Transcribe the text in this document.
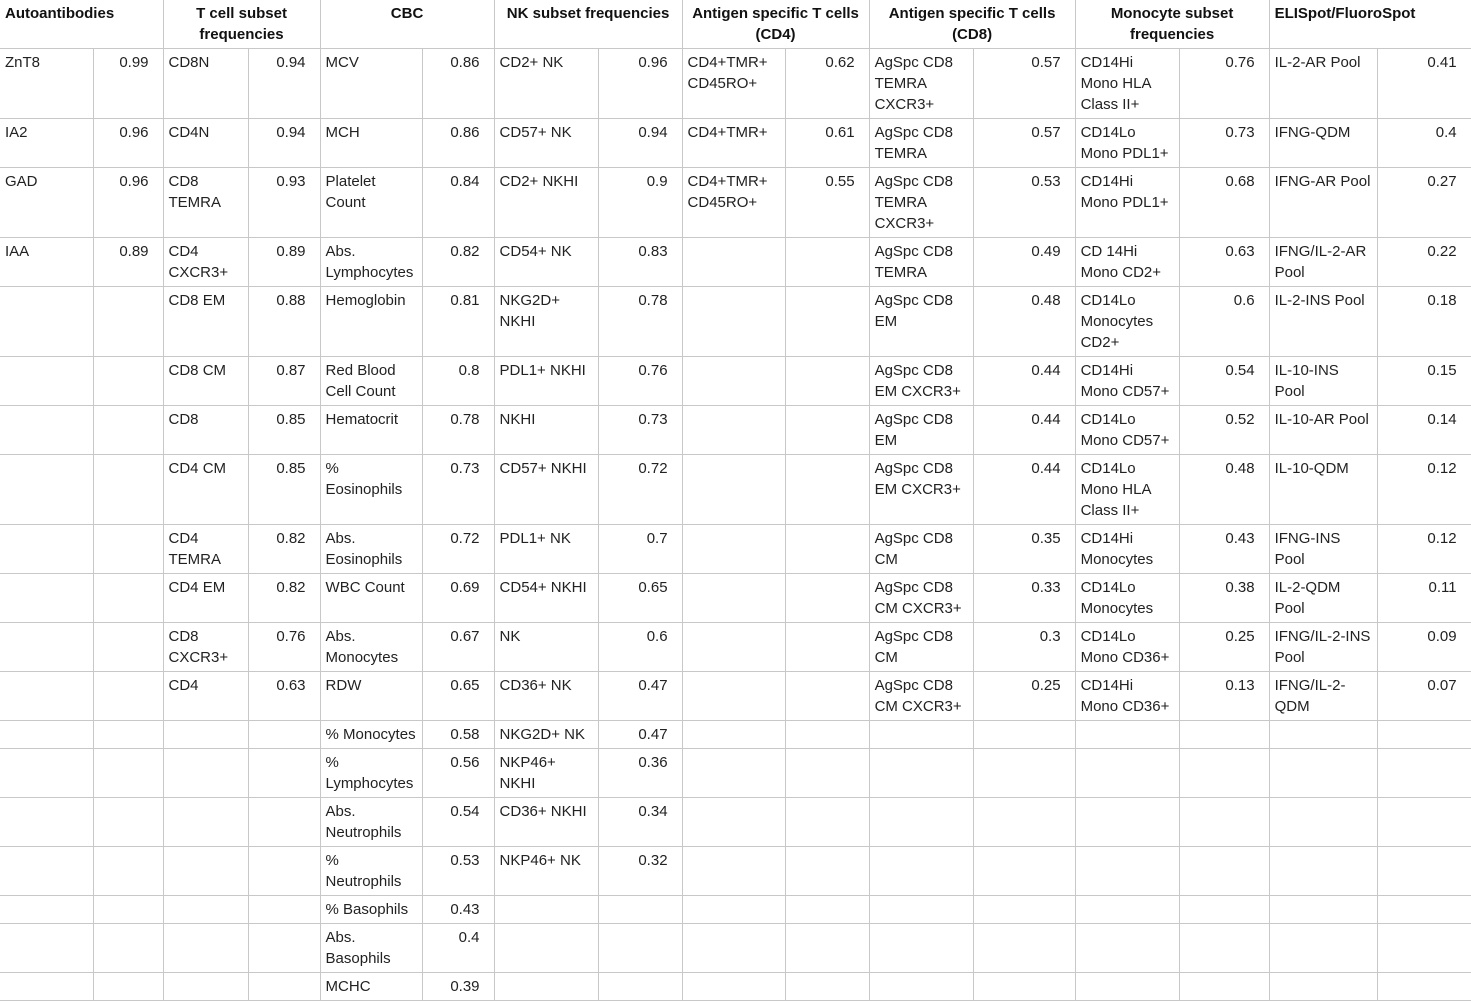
Autoantibodies		T cell subset frequencies		CBC		NK subset frequencies		Antigen specific T cells (CD4)		Antigen specific T cells (CD8)		Monocyte subset frequencies		ELISpot/FluoroSpot	
ZnT8	0.99	CD8N	0.94	MCV	0.86	CD2+ NK	0.96	CD4+TMR+ CD45RO+	0.62	AgSpc CD8 TEMRA CXCR3+	0.57	CD14Hi Mono HLA Class II+	0.76	IL-2-AR Pool	0.41
IA2	0.96	CD4N	0.94	MCH	0.86	CD57+ NK	0.94	CD4+TMR+	0.61	AgSpc CD8 TEMRA	0.57	CD14Lo Mono PDL1+	0.73	IFNG-QDM	0.4
GAD	0.96	CD8 TEMRA	0.93	Platelet Count	0.84	CD2+ NKHI	0.9	CD4+TMR+ CD45RO+	0.55	AgSpc CD8 TEMRA CXCR3+	0.53	CD14Hi Mono PDL1+	0.68	IFNG-AR Pool	0.27
IAA	0.89	CD4 CXCR3+	0.89	Abs. Lymphocytes	0.82	CD54+ NK	0.83			AgSpc CD8 TEMRA	0.49	CD 14Hi Mono CD2+	0.63	IFNG/IL-2-AR Pool	0.22
		CD8 EM	0.88	Hemoglobin	0.81	NKG2D+ NKHI	0.78			AgSpc CD8 EM	0.48	CD14Lo Monocytes CD2+	0.6	IL-2-INS Pool	0.18
		CD8 CM	0.87	Red Blood Cell Count	0.8	PDL1+ NKHI	0.76			AgSpc CD8 EM CXCR3+	0.44	CD14Hi Mono CD57+	0.54	IL-10-INS Pool	0.15
		CD8	0.85	Hematocrit	0.78	NKHI	0.73			AgSpc CD8 EM	0.44	CD14Lo Mono CD57+	0.52	IL-10-AR Pool	0.14
		CD4 CM	0.85	% Eosinophils	0.73	CD57+ NKHI	0.72			AgSpc CD8 EM CXCR3+	0.44	CD14Lo Mono HLA Class II+	0.48	IL-10-QDM	0.12
		CD4 TEMRA	0.82	Abs. Eosinophils	0.72	PDL1+ NK	0.7			AgSpc CD8 CM	0.35	CD14Hi Monocytes	0.43	IFNG-INS Pool	0.12
		CD4 EM	0.82	WBC Count	0.69	CD54+ NKHI	0.65			AgSpc CD8 CM CXCR3+	0.33	CD14Lo Monocytes	0.38	IL-2-QDM Pool	0.11
		CD8 CXCR3+	0.76	Abs. Monocytes	0.67	NK	0.6			AgSpc CD8 CM	0.3	CD14Lo Mono CD36+	0.25	IFNG/IL-2-INS Pool	0.09
		CD4	0.63	RDW	0.65	CD36+ NK	0.47			AgSpc CD8 CM CXCR3+	0.25	CD14Hi Mono CD36+	0.13	IFNG/IL-2-QDM	0.07
				% Monocytes	0.58	NKG2D+ NK	0.47								
				% Lymphocytes	0.56	NKP46+ NKHI	0.36								
				Abs. Neutrophils	0.54	CD36+ NKHI	0.34								
				% Neutrophils	0.53	NKP46+ NK	0.32								
				% Basophils	0.43										
				Abs. Basophils	0.4										
				MCHC	0.39										
